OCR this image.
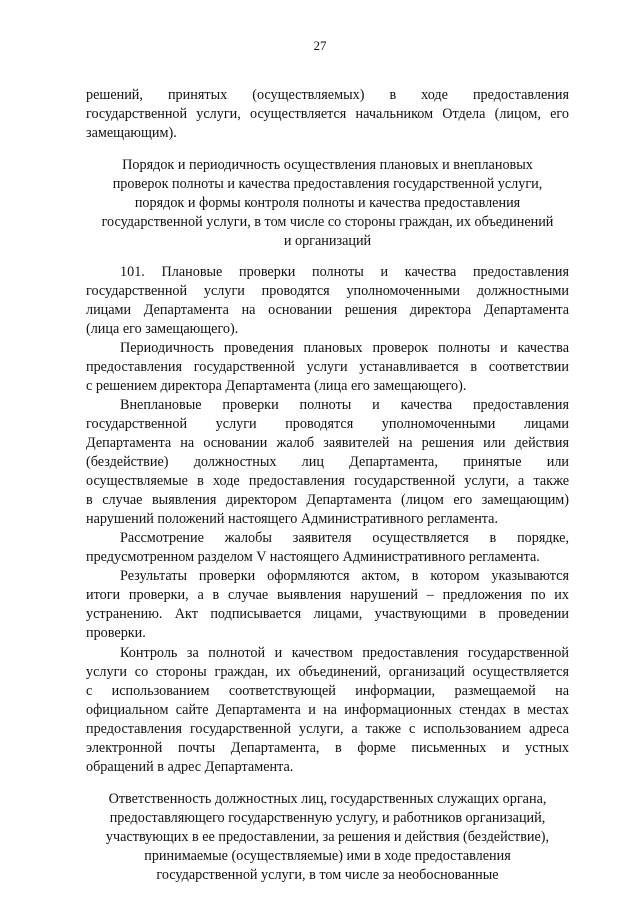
27
решений, принятых (осуществляемых) в ходе предоставления
государственной услуги, осуществляется начальником Отдела (лицом, его
замещающим).
Порядок и периодичность осуществления плановых и внеплановых
проверок полноты и качества предоставления государственной услуги,
порядок и формы контроля полноты и качества предоставления
государственной услуги, в том числе со стороны граждан, их объединений
и организаций
101. Плановые проверки полноты и качества предоставления
государственной услуги проводятся уполномоченными должностными
лицами Департамента на основании решения директора Департамента
(лица его замещающего).
Периодичность проведения плановых проверок полноты и качества
предоставления государственной услуги устанавливается в соответствии
с решением директора Департамента (лица его замещающего).
Внеплановые проверки полноты и качества предоставления
государственной услуги проводятся уполномоченными лицами
Департамента на основании жалоб заявителей на решения или действия
(бездействие) должностных лиц Департамента, принятые или
осуществляемые в ходе предоставления государственной услуги, а также
в случае выявления директором Департамента (лицом его замещающим)
нарушений положений настоящего Административного регламента.
Рассмотрение жалобы заявителя осуществляется в порядке,
предусмотренном разделом V настоящего Административного регламента.
Результаты проверки оформляются актом, в котором указываются
итоги проверки, а в случае выявления нарушений – предложения по их
устранению. Акт подписывается лицами, участвующими в проведении
проверки.
Контроль за полнотой и качеством предоставления государственной
услуги со стороны граждан, их объединений, организаций осуществляется
с использованием соответствующей информации, размещаемой на
официальном сайте Департамента и на информационных стендах в местах
предоставления государственной услуги, а также с использованием адреса
электронной почты Департамента, в форме письменных и устных
обращений в адрес Департамента.
Ответственность должностных лиц, государственных служащих органа,
предоставляющего государственную услугу, и работников организаций,
участвующих в ее предоставлении, за решения и действия (бездействие),
принимаемые (осуществляемые) ими в ходе предоставления
государственной услуги, в том числе за необоснованные
